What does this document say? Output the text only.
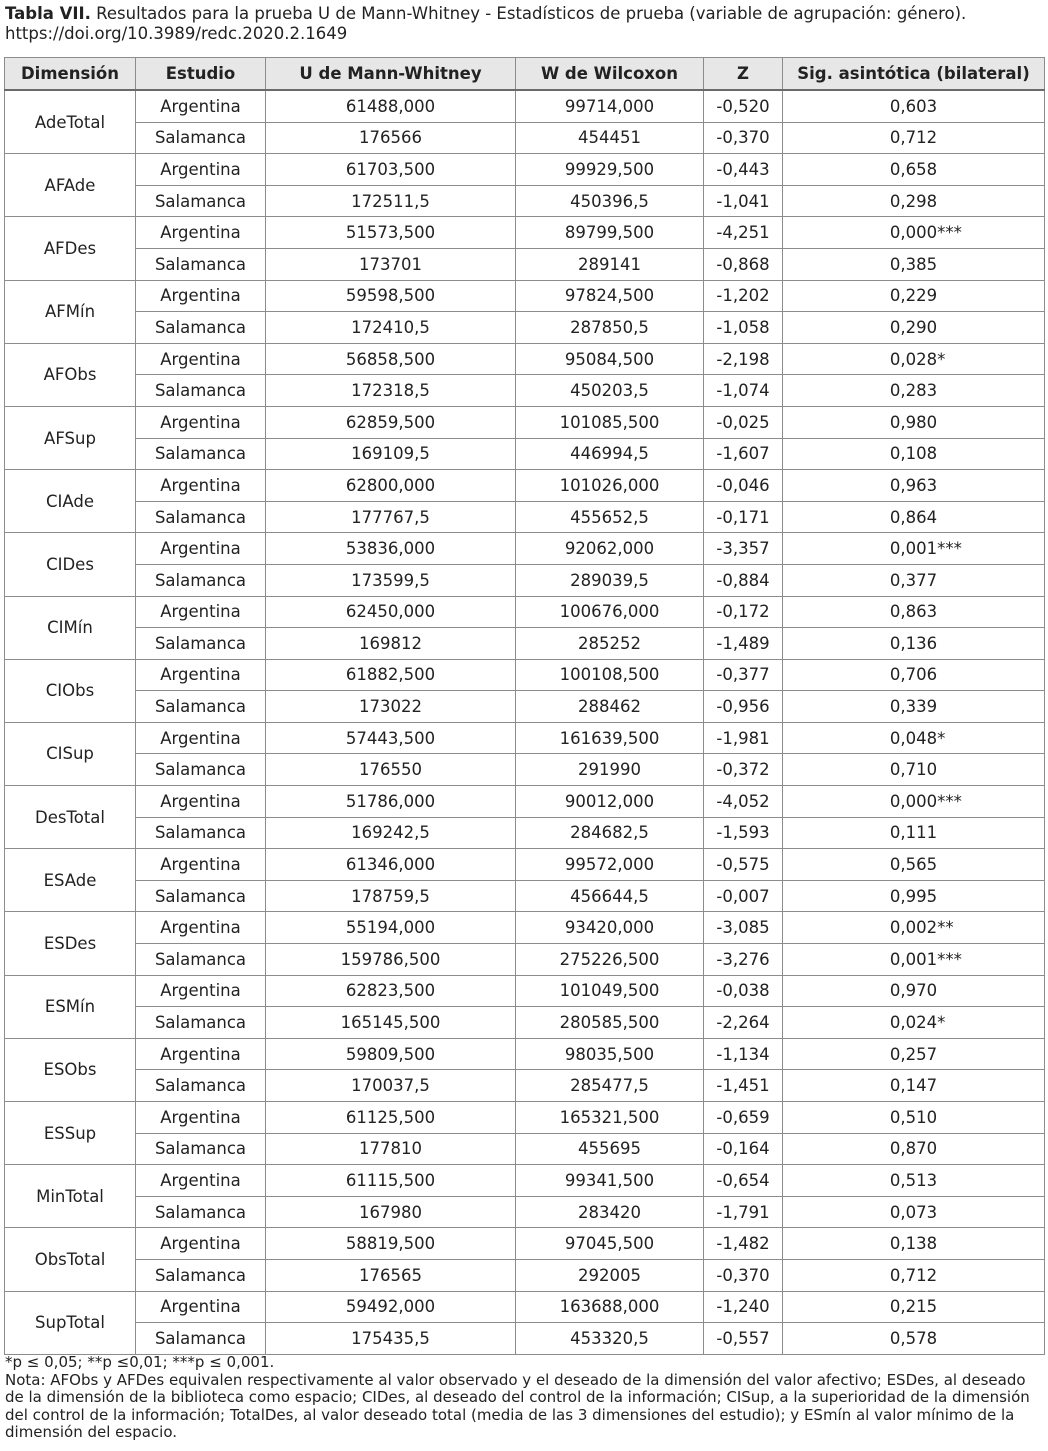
Tabla VII. Resultados para la prueba U de Mann-Whitney - Estadísticos de prueba (variable de agrupación: género). https://doi.org/10.3989/redc.2020.2.1649
Dimensión	Estudio	U de Mann-Whitney	W de Wilcoxon	Z	Sig. asintótica (bilateral)
AdeTotal	Argentina	61488,000	99714,000	-0,520	0,603
	Salamanca	176566	454451	-0,370	0,712
AFAde	Argentina	61703,500	99929,500	-0,443	0,658
	Salamanca	172511,5	450396,5	-1,041	0,298
AFDes	Argentina	51573,500	89799,500	-4,251	0,000 ***

	Salamanca	173701	289141	-0,868	0,385
AFMín	Argentina	59598,500	97824,500	-1,202	0,229
	Salamanca	172410,5	287850,5	-1,058	0,290
AFObs	Argentina	56858,500	95084,500	-2,198	0,028 *

	Salamanca	172318,5	450203,5	-1,074	0,283
AFSup	Argentina	62859,500	101085,500	-0,025	0,980
	Salamanca	169109,5	446994,5	-1,607	0,108
CIAde	Argentina	62800,000	101026,000	-0,046	0,963
	Salamanca	177767,5	455652,5	-0,171	0,864
CIDes	Argentina	53836,000	92062,000	-3,357	0,001 ***

	Salamanca	173599,5	289039,5	-0,884	0,377
CIMín	Argentina	62450,000	100676,000	-0,172	0,863
	Salamanca	169812	285252	-1,489	0,136
CIObs	Argentina	61882,500	100108,500	-0,377	0,706
	Salamanca	173022	288462	-0,956	0,339
CISup	Argentina	57443,500	161639,500	-1,981	0,048 *

	Salamanca	176550	291990	-0,372	0,710
DesTotal	Argentina	51786,000	90012,000	-4,052	0,000 ***

	Salamanca	169242,5	284682,5	-1,593	0,111
ESAde	Argentina	61346,000	99572,000	-0,575	0,565
	Salamanca	178759,5	456644,5	-0,007	0,995
ESDes	Argentina	55194,000	93420,000	-3,085	0,002 **

	Salamanca	159786,500	275226,500	-3,276	0,001 ***

ESMín	Argentina	62823,500	101049,500	-0,038	0,970
	Salamanca	165145,500	280585,500	-2,264	0,024 *

ESObs	Argentina	59809,500	98035,500	-1,134	0,257
	Salamanca	170037,5	285477,5	-1,451	0,147
ESSup	Argentina	61125,500	165321,500	-0,659	0,510
	Salamanca	177810	455695	-0,164	0,870
MinTotal	Argentina	61115,500	99341,500	-0,654	0,513
	Salamanca	167980	283420	-1,791	0,073
ObsTotal	Argentina	58819,500	97045,500	-1,482	0,138
	Salamanca	176565	292005	-0,370	0,712
SupTotal	Argentina	59492,000	163688,000	-1,240	0,215
	Salamanca	175435,5	453320,5	-0,557	0,578

*p ≤ 0,05; **p ≤0,01; ***p ≤ 0,001.

Nota: AFObs y AFDes equivalen respectivamente al valor observado y el deseado de la dimensión del valor afectivo; ESDes, al deseado de la dimensión de la biblioteca como espacio; CIDes, al deseado del control de la información; CISup, a la superioridad de la dimensión del control de la información; TotalDes, al valor deseado total (media de las 3 dimensiones del estudio); y ESmín al valor mínimo de la dimensión del espacio.
